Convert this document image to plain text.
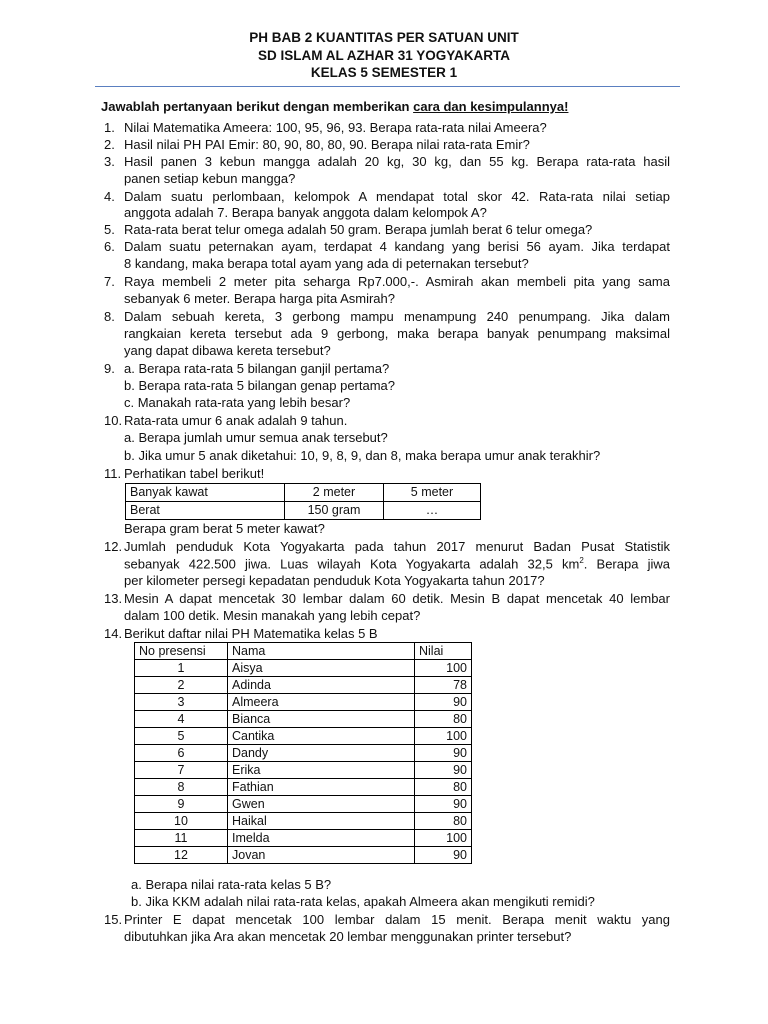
PH BAB 2 KUANTITAS PER SATUAN UNIT
SD ISLAM AL AZHAR 31 YOGYAKARTA
KELAS 5 SEMESTER 1
Jawablah pertanyaan berikut dengan memberikan cara dan kesimpulannya!
1. Nilai Matematika Ameera: 100, 95, 96, 93. Berapa rata-rata nilai Ameera?
2. Hasil nilai PH PAI Emir: 80, 90, 80, 80, 90. Berapa nilai rata-rata Emir?
3. Hasil panen 3 kebun mangga adalah 20 kg, 30 kg, dan 55 kg. Berapa rata-rata hasil
panen setiap kebun mangga?
4. Dalam suatu perlombaan, kelompok A mendapat total skor 42. Rata-rata nilai setiap
anggota adalah 7. Berapa banyak anggota dalam kelompok A?
5. Rata-rata berat telur omega adalah 50 gram. Berapa jumlah berat 6 telur omega?
6. Dalam suatu peternakan ayam, terdapat 4 kandang yang berisi 56 ayam. Jika terdapat
8 kandang, maka berapa total ayam yang ada di peternakan tersebut?
7. Raya membeli 2 meter pita seharga Rp7.000,-. Asmirah akan membeli pita yang sama
sebanyak 6 meter. Berapa harga pita Asmirah?
8. Dalam sebuah kereta, 3 gerbong mampu menampung 240 penumpang. Jika dalam
rangkaian kereta tersebut ada 9 gerbong, maka berapa banyak penumpang maksimal
yang dapat dibawa kereta tersebut?
9. a. Berapa rata-rata 5 bilangan ganjil pertama?
b. Berapa rata-rata 5 bilangan genap pertama?
c. Manakah rata-rata yang lebih besar?
10. Rata-rata umur 6 anak adalah 9 tahun.
a. Berapa jumlah umur semua anak tersebut?
b. Jika umur 5 anak diketahui: 10, 9, 8, 9, dan 8, maka berapa umur anak terakhir?
11. Perhatikan tabel berikut!
Banyak kawat	2 meter	5 meter
Berat	150 gram	…
Berapa gram berat 5 meter kawat?
12. Jumlah penduduk Kota Yogyakarta pada tahun 2017 menurut Badan Pusat Statistik
sebanyak 422.500 jiwa. Luas wilayah Kota Yogyakarta adalah 32,5 $km^2$. Berapa jiwa
per kilometer persegi kepadatan penduduk Kota Yogyakarta tahun 2017?
13. Mesin A dapat mencetak 30 lembar dalam 60 detik. Mesin B dapat mencetak 40 lembar
dalam 100 detik. Mesin manakah yang lebih cepat?
14. Berikut daftar nilai PH Matematika kelas 5 B
No presensi	Nama	Nilai
1	Aisya	100
2	Adinda	78
3	Almeera	90
4	Bianca	80
5	Cantika	100
6	Dandy	90
7	Erika	90
8	Fathian	80
9	Gwen	90
10	Haikal	80
11	Imelda	100
12	Jovan	90
a. Berapa nilai rata-rata kelas 5 B?
b. Jika KKM adalah nilai rata-rata kelas, apakah Almeera akan mengikuti remidi?
15. Printer E dapat mencetak 100 lembar dalam 15 menit. Berapa menit waktu yang
dibutuhkan jika Ara akan mencetak 20 lembar menggunakan printer tersebut?
